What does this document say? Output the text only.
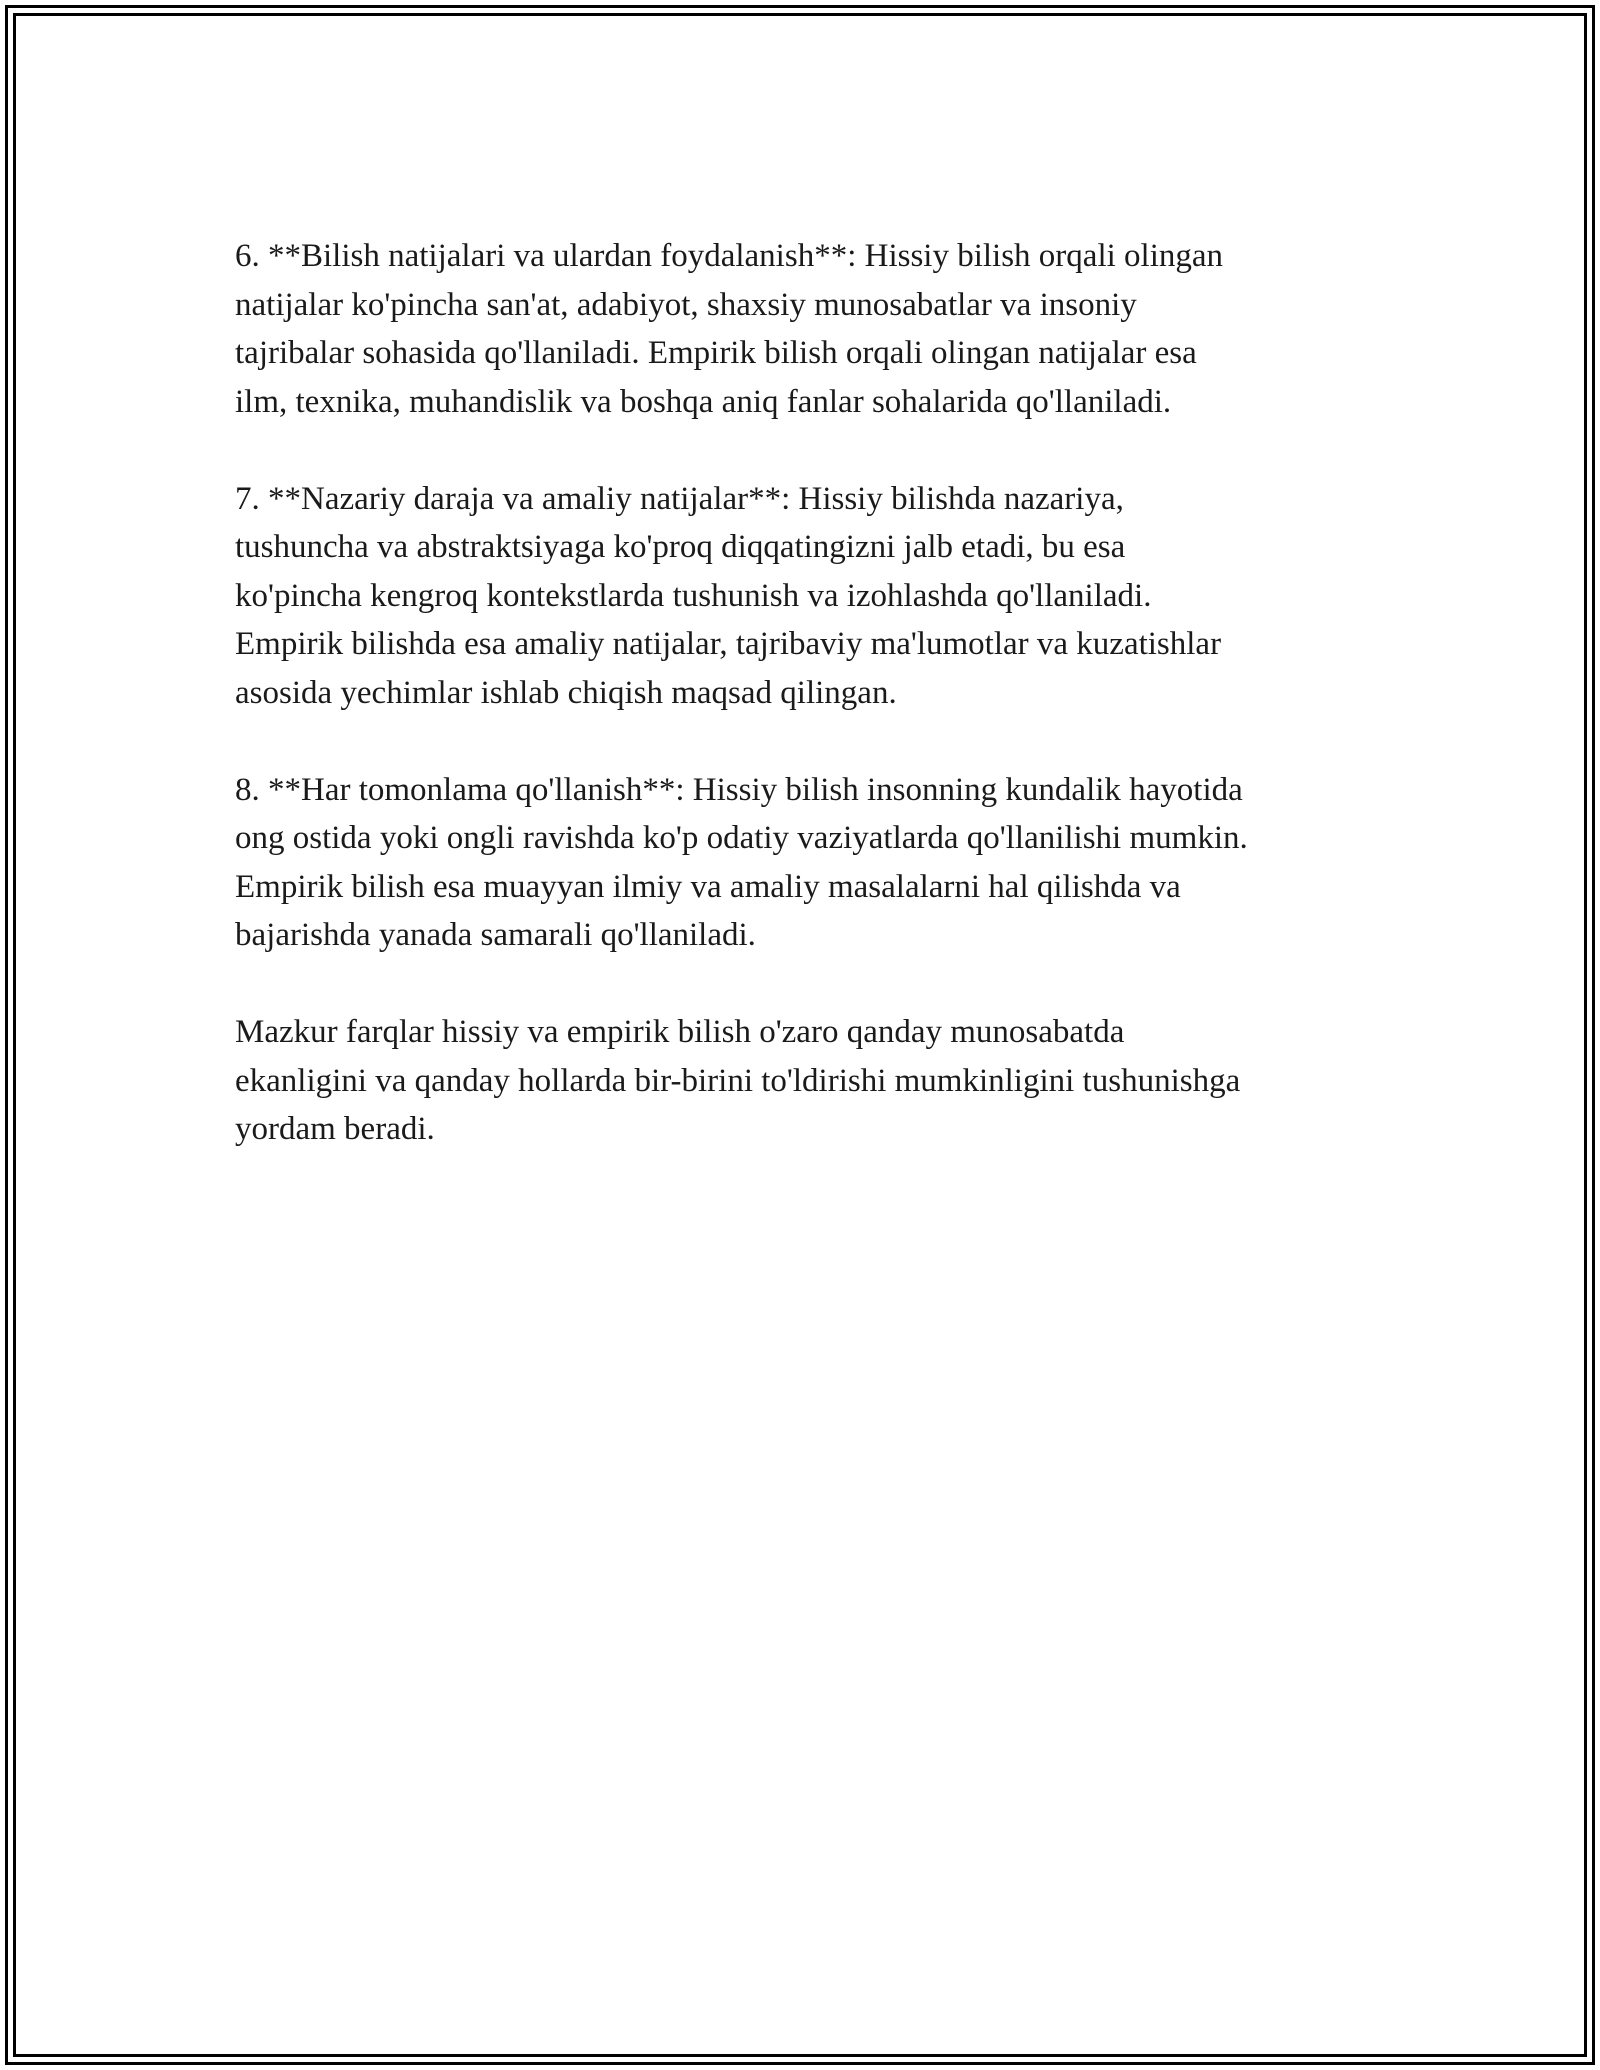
6. **Bilish natijalari va ulardan foydalanish**: Hissiy bilish orqali olingan
natijalar ko'pincha san'at, adabiyot, shaxsiy munosabatlar va insoniy
tajribalar sohasida qo'llaniladi. Empirik bilish orqali olingan natijalar esa
ilm, texnika, muhandislik va boshqa aniq fanlar sohalarida qo'llaniladi.

7. **Nazariy daraja va amaliy natijalar**: Hissiy bilishda nazariya,
tushuncha va abstraktsiyaga ko'proq diqqatingizni jalb etadi, bu esa
ko'pincha kengroq kontekstlarda tushunish va izohlashda qo'llaniladi.
Empirik bilishda esa amaliy natijalar, tajribaviy ma'lumotlar va kuzatishlar
asosida yechimlar ishlab chiqish maqsad qilingan.

8. **Har tomonlama qo'llanish**: Hissiy bilish insonning kundalik hayotida
ong ostida yoki ongli ravishda ko'p odatiy vaziyatlarda qo'llanilishi mumkin.
Empirik bilish esa muayyan ilmiy va amaliy masalalarni hal qilishda va
bajarishda yanada samarali qo'llaniladi.

Mazkur farqlar hissiy va empirik bilish o'zaro qanday munosabatda
ekanligini va qanday hollarda bir-birini to'ldirishi mumkinligini tushunishga
yordam beradi.
